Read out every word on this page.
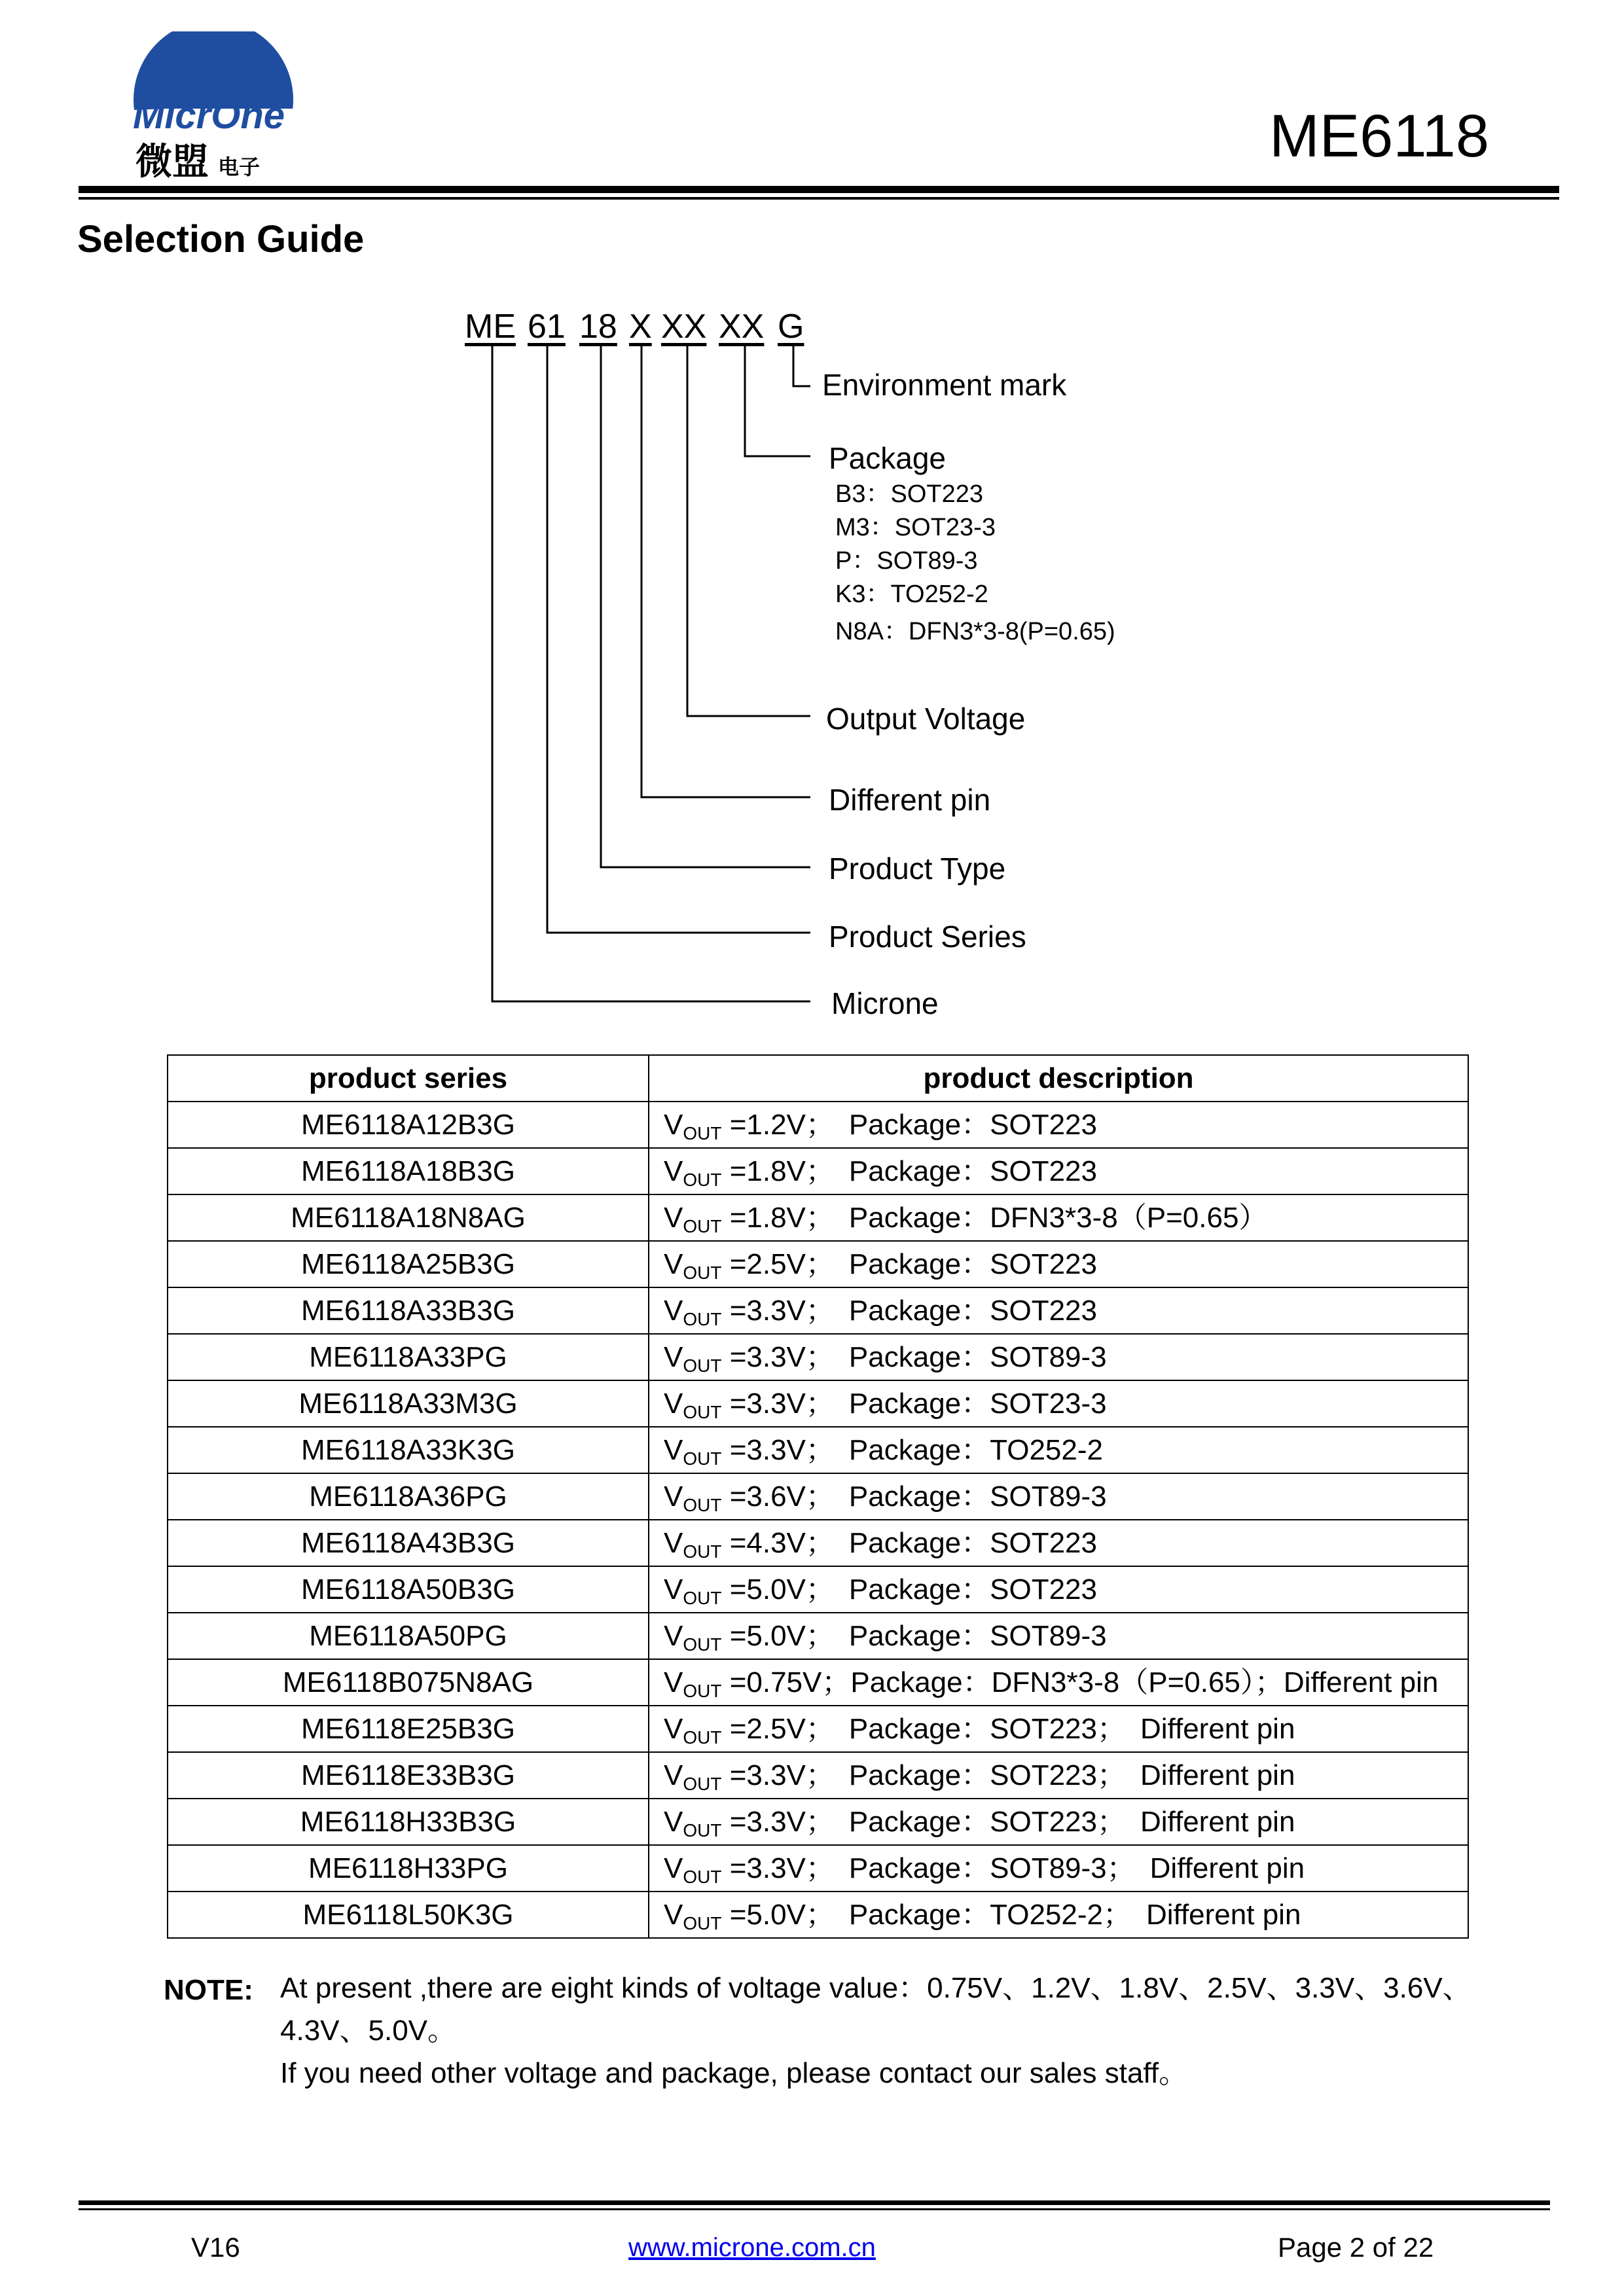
MicrOne
微盟 电子	ME6118
Selection Guide
ME 61 18 X XX XX G
Environment mark
Package
B3：SOT223
M3：SOT23-3
P：SOT89-3
K3：TO252-2
N8A：DFN3*3-8(P=0.65)
Output Voltage
Different pin
Product Type
Product Series
Microne
product series	product description
ME6118A12B3G	$V_{OUT} =1.2V$；　Package：SOT223
ME6118A18B3G	$V_{OUT} =1.8V$；　Package：SOT223
ME6118A18N8AG	$V_{OUT} =1.8V$；　Package：DFN3*3-8（P=0.65）
ME6118A25B3G	$V_{OUT} =2.5V$；　Package：SOT223
ME6118A33B3G	$V_{OUT} =3.3V$；　Package：SOT223
ME6118A33PG	$V_{OUT} =3.3V$；　Package：SOT89-3
ME6118A33M3G	$V_{OUT} =3.3V$；　Package：SOT23-3
ME6118A33K3G	$V_{OUT} =3.3V$；　Package：TO252-2
ME6118A36PG	$V_{OUT} =3.6V$；　Package：SOT89-3
ME6118A43B3G	$V_{OUT} =4.3V$；　Package：SOT223
ME6118A50B3G	$V_{OUT} =5.0V$；　Package：SOT223
ME6118A50PG	$V_{OUT} =5.0V$；　Package：SOT89-3
ME6118B075N8AG	$V_{OUT} =0.75V$；Package：DFN3*3-8（P=0.65）；Different pin
ME6118E25B3G	$V_{OUT} =2.5V$；　Package：SOT223；　Different pin
ME6118E33B3G	$V_{OUT} =3.3V$；　Package：SOT223；　Different pin
ME6118H33B3G	$V_{OUT} =3.3V$；　Package：SOT223；　Different pin
ME6118H33PG	$V_{OUT} =3.3V$；　Package：SOT89-3；　Different pin
ME6118L50K3G	$V_{OUT} =5.0V$；　Package：TO252-2；　Different pin
NOTE: At present ,there are eight kinds of voltage value：0.75V、1.2V、1.8V、2.5V、3.3V、3.6V、
4.3V、5.0V。
If you need other voltage and package, please contact our sales staff。
V16	www.microne.com.cn	Page 2 of 22
